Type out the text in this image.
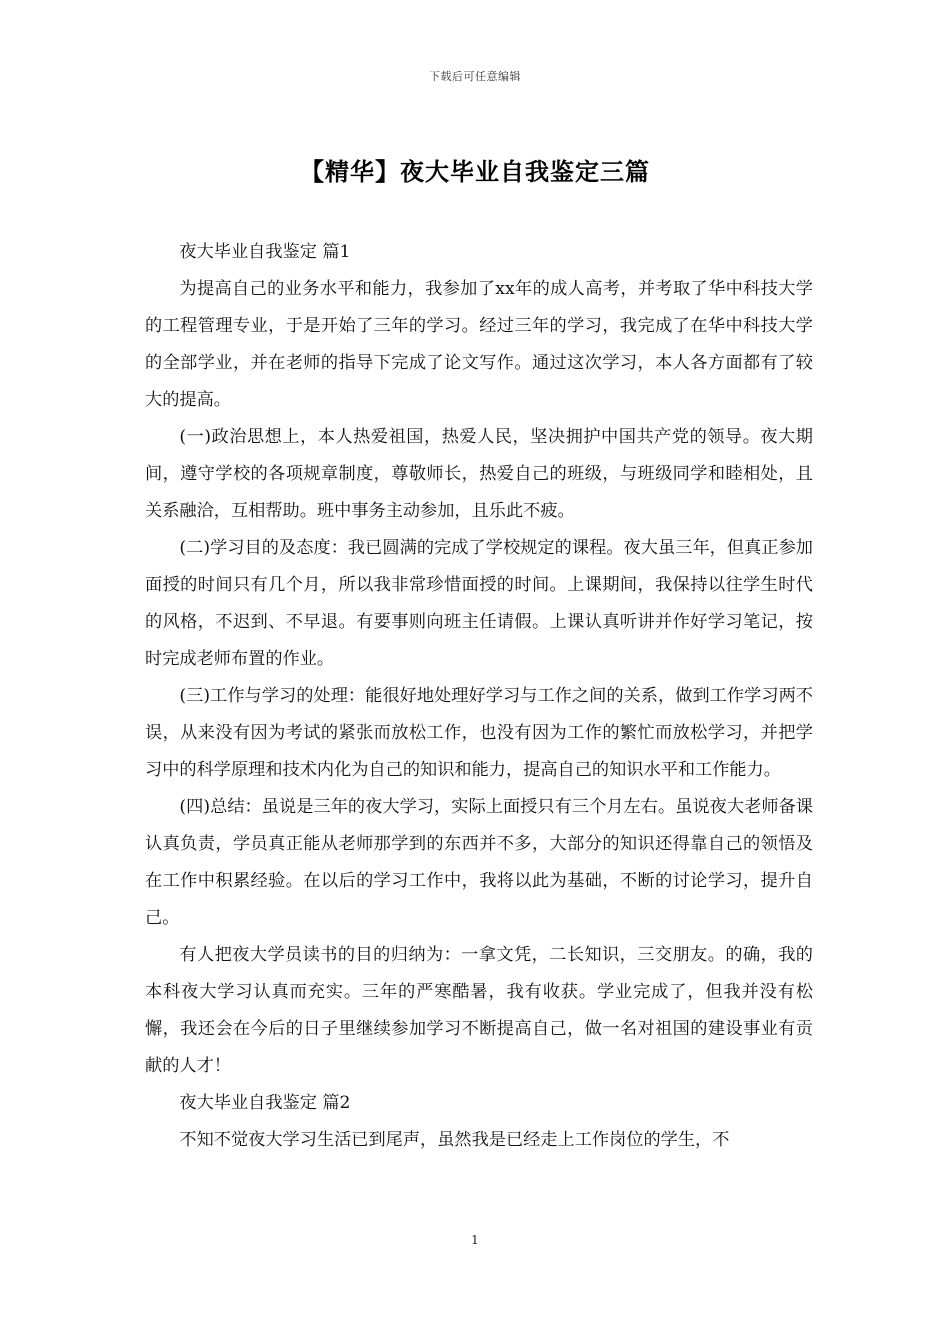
下载后可任意编辑
【精华】夜大毕业自我鉴定三篇

夜大毕业自我鉴定 篇1

为提高自己的业务水平和能力，我参加了xx年的成人高考，并考取了华中科技大学的工程管理专业，于是开始了三年的学习。经过三年的学习，我完成了在华中科技大学的全部学业，并在老师的指导下完成了论文写作。通过这次学习，本人各方面都有了较大的提高。

(一)政治思想上，本人热爱祖国，热爱人民，坚决拥护中国共产党的领导。夜大期间，遵守学校的各项规章制度，尊敬师长，热爱自己的班级，与班级同学和睦相处，且关系融洽，互相帮助。班中事务主动参加，且乐此不疲。

(二)学习目的及态度：我已圆满的完成了学校规定的课程。夜大虽三年，但真正参加面授的时间只有几个月，所以我非常珍惜面授的时间。上课期间，我保持以往学生时代的风格，不迟到、不早退。有要事则向班主任请假。上课认真听讲并作好学习笔记，按时完成老师布置的作业。

(三)工作与学习的处理：能很好地处理好学习与工作之间的关系，做到工作学习两不误，从来没有因为考试的紧张而放松工作，也没有因为工作的繁忙而放松学习，并把学习中的科学原理和技术内化为自己的知识和能力，提高自己的知识水平和工作能力。

(四)总结：虽说是三年的夜大学习，实际上面授只有三个月左右。虽说夜大老师备课认真负责，学员真正能从老师那学到的东西并不多，大部分的知识还得靠自己的领悟及在工作中积累经验。在以后的学习工作中，我将以此为基础，不断的讨论学习，提升自己。

有人把夜大学员读书的目的归纳为：一拿文凭，二长知识，三交朋友。的确，我的本科夜大学习认真而充实。三年的严寒酷暑，我有收获。学业完成了，但我并没有松懈，我还会在今后的日子里继续参加学习不断提高自己，做一名对祖国的建设事业有贡献的人才！

夜大毕业自我鉴定 篇2

不知不觉夜大学习生活已到尾声，虽然我是已经走上工作岗位的学生，不

1
